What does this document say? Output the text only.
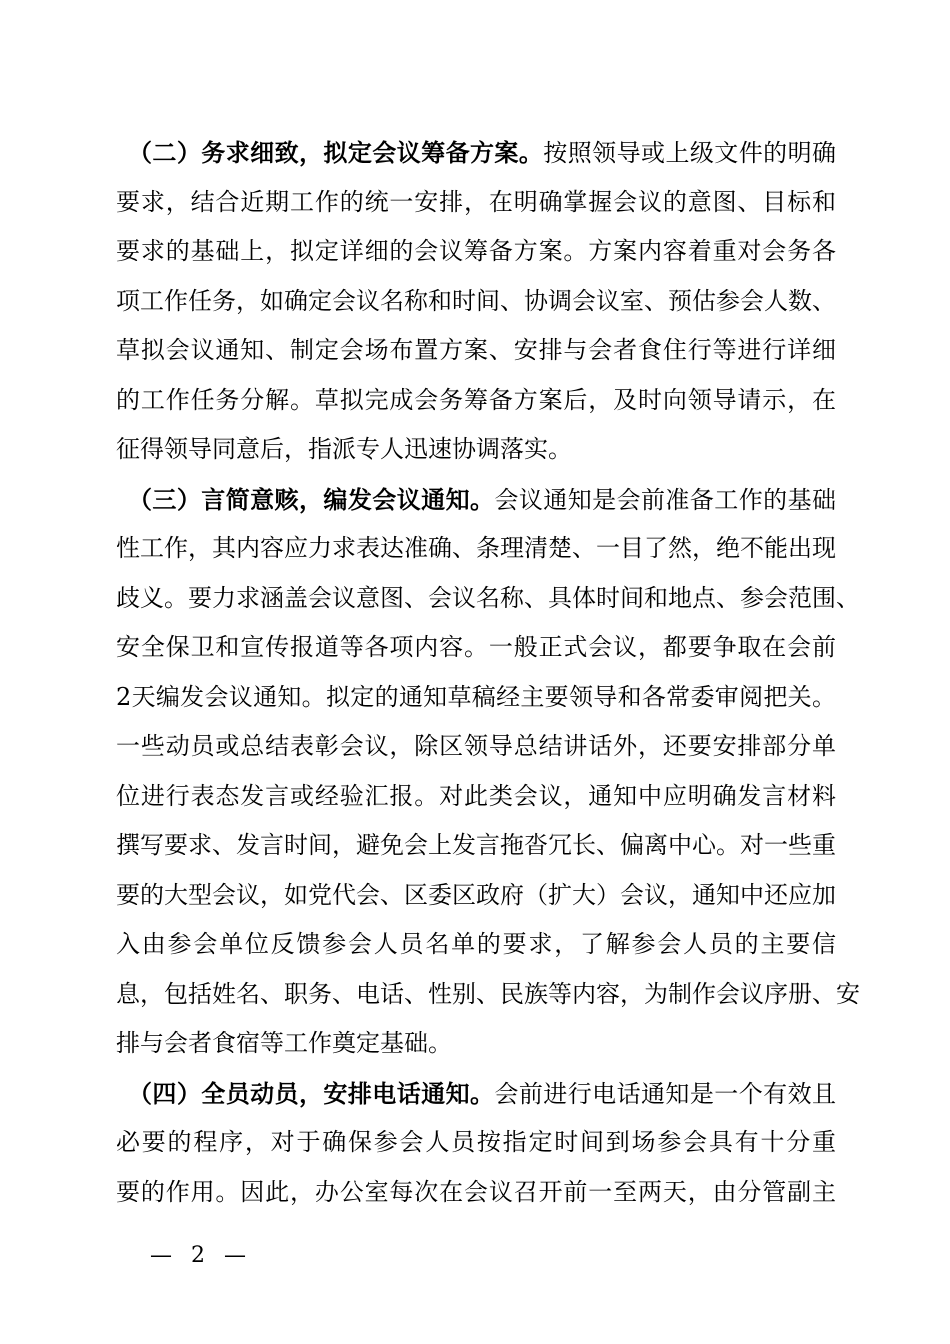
（二）务求细致，拟定会议筹备方案。按照领导或上级文件的明确
要求，结合近期工作的统一安排，在明确掌握会议的意图、目标和
要求的基础上，拟定详细的会议筹备方案。方案内容着重对会务各
项工作任务，如确定会议名称和时间、协调会议室、预估参会人数、
草拟会议通知、制定会场布置方案、安排与会者食住行等进行详细
的工作任务分解。草拟完成会务筹备方案后，及时向领导请示，在
征得领导同意后，指派专人迅速协调落实。
（三）言简意赅，编发会议通知。会议通知是会前准备工作的基础
性工作，其内容应力求表达准确、条理清楚、一目了然，绝不能出现
歧义。要力求涵盖会议意图、会议名称、具体时间和地点、参会范围、
安全保卫和宣传报道等各项内容。一般正式会议，都要争取在会前
2天编发会议通知。拟定的通知草稿经主要领导和各常委审阅把关。
一些动员或总结表彰会议，除区领导总结讲话外，还要安排部分单
位进行表态发言或经验汇报。对此类会议，通知中应明确发言材料
撰写要求、发言时间，避免会上发言拖沓冗长、偏离中心。对一些重
要的大型会议，如党代会、区委区政府（扩大）会议，通知中还应加
入由参会单位反馈参会人员名单的要求，了解参会人员的主要信
息，包括姓名、职务、电话、性别、民族等内容，为制作会议序册、安
排与会者食宿等工作奠定基础。
（四）全员动员，安排电话通知。会前进行电话通知是一个有效且
必要的程序，对于确保参会人员按指定时间到场参会具有十分重
要的作用。因此，办公室每次在会议召开前一至两天，由分管副主
— 2 —
